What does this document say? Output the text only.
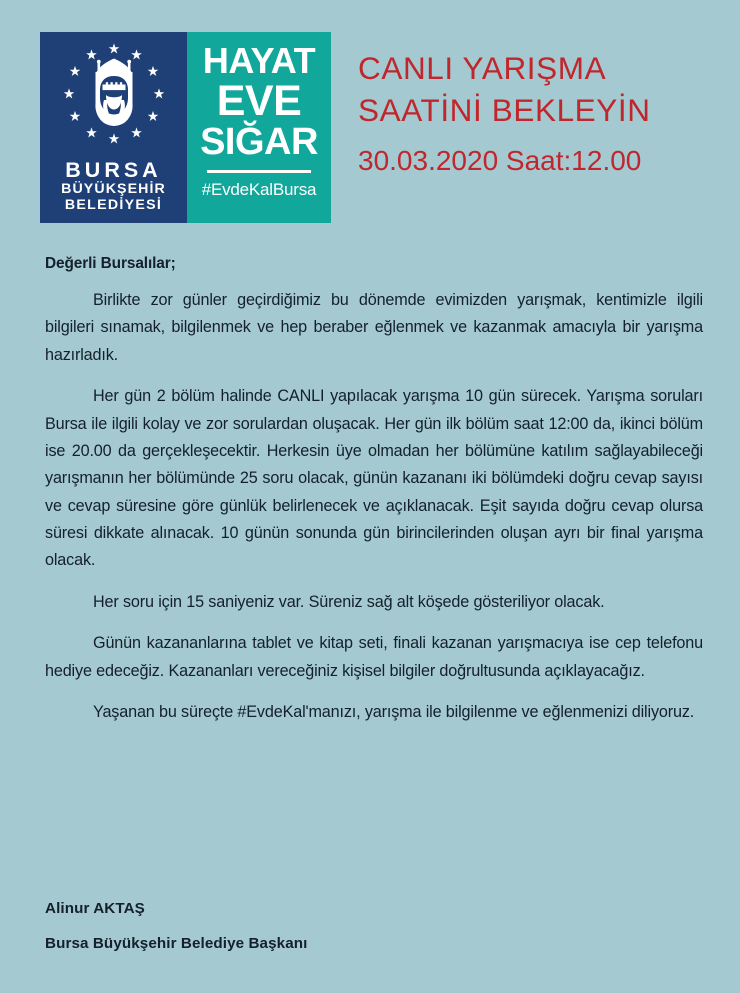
BURSA
BÜYÜKŞEHİR
BELEDİYESİ
HAYAT
EVE
SIĞAR
#EvdeKalBursa
CANLI YARIŞMA
SAATİNİ BEKLEYİN
30.03.2020 Saat:12.00

Değerli Bursalılar;

Birlikte zor günler geçirdiğimiz bu dönemde evimizden yarışmak, kentimizle ilgili bilgileri sınamak, bilgilenmek ve hep beraber eğlenmek ve kazanmak amacıyla bir yarışma hazırladık.

Her gün 2 bölüm halinde CANLI yapılacak yarışma 10 gün sürecek. Yarışma soruları Bursa ile ilgili kolay ve zor sorulardan oluşacak. Her gün ilk bölüm saat 12:00 da, ikinci bölüm ise 20.00 da gerçekleşecektir. Herkesin üye olmadan her bölümüne katılım sağlayabileceği yarışmanın her bölümünde 25 soru olacak, günün kazananı iki bölümdeki doğru cevap sayısı ve cevap süresine göre günlük belirlenecek ve açıklanacak. Eşit sayıda doğru cevap olursa süresi dikkate alınacak. 10 günün sonunda gün birincilerinden oluşan ayrı bir final yarışma olacak.

Her soru için 15 saniyeniz var. Süreniz sağ alt köşede gösteriliyor olacak.

Günün kazananlarına tablet ve kitap seti, finali kazanan yarışmacıya ise cep telefonu hediye edeceğiz. Kazananları vereceğiniz kişisel bilgiler doğrultusunda açıklayacağız.

Yaşanan bu süreçte #EvdeKal'manızı, yarışma ile bilgilenme ve eğlenmenizi diliyoruz.

Alinur AKTAŞ

Bursa Büyükşehir Belediye Başkanı
